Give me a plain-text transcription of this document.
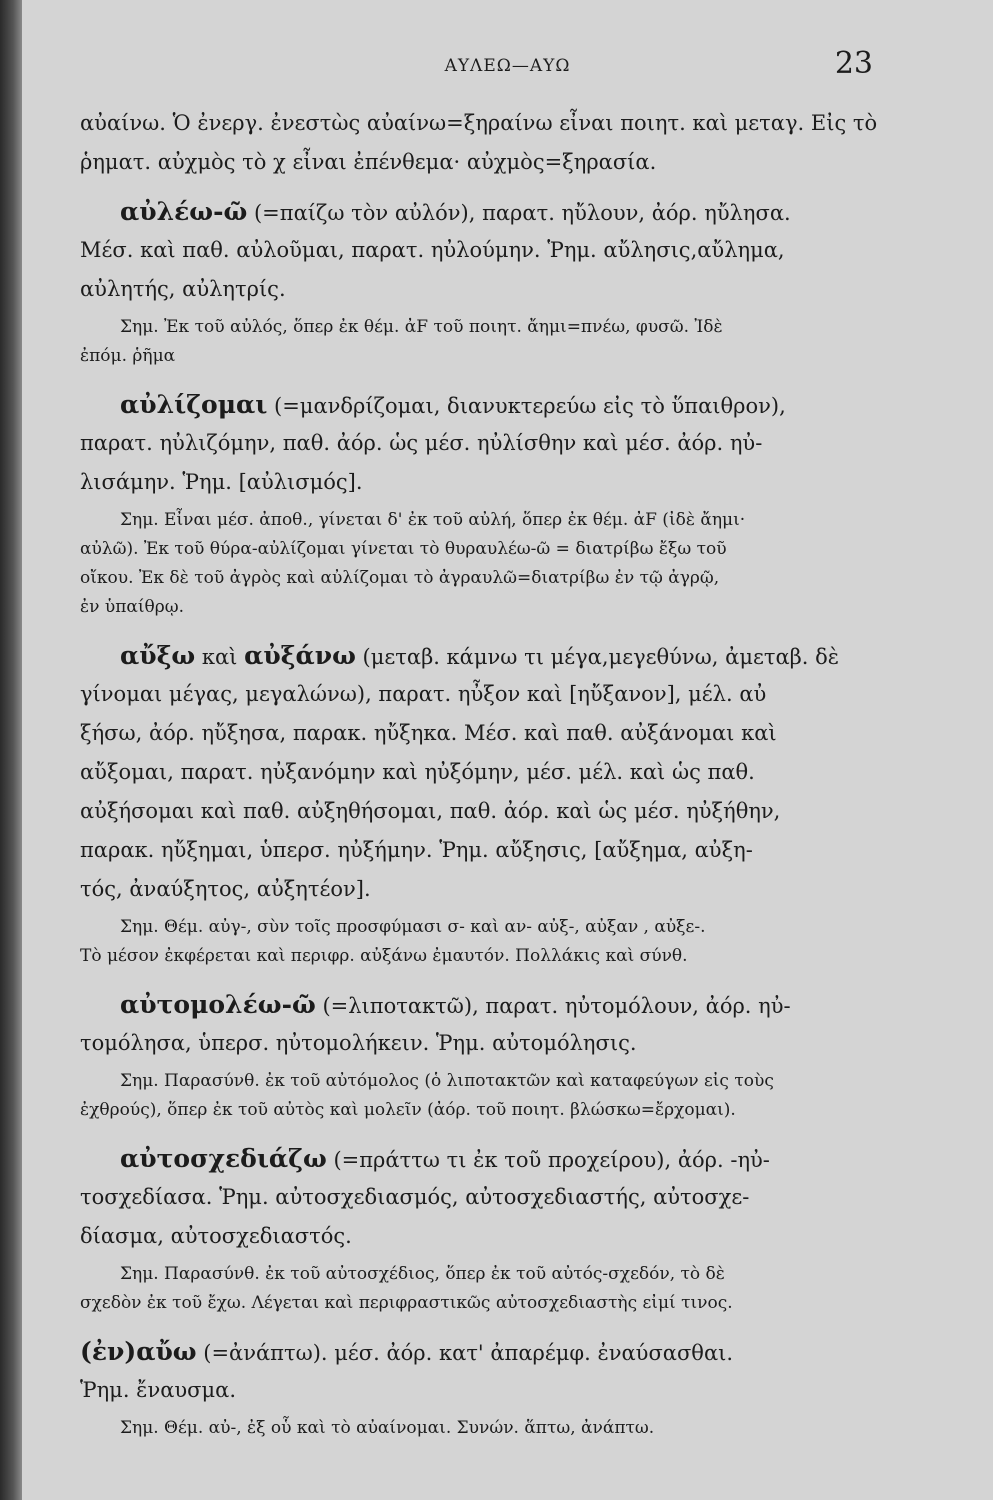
ΑΥΛΕΩ—ΑΥΩ	23
αὐαίνω. Ὁ ἐνεργ. ἐνεστὼς αὐαίνω=ξηραίνω εἶναι ποιητ. καὶ μεταγ. Εἰς τὸ
ῥηματ. αὐχμὸς τὸ χ εἶναι ἐπένθεμα· αὐχμὸς=ξηρασία.
αὐλέω-ῶ (=παίζω τὸν αὐλόν), παρατ. ηὔλουν, ἀόρ. ηὔλησα.
Μέσ. καὶ παθ. αὐλοῦμαι, παρατ. ηὐλούμην. Ῥημ. αὔλησις,αὔλημα,
αὐλητής, αὐλητρίς.
Σημ. Ἐκ τοῦ αὐλός, ὅπερ ἐκ θέμ. ἀF τοῦ ποιητ. ἄημι=πνέω, φυσῶ. Ἰδὲ
ἐπόμ. ῥῆμα
αὐλίζομαι (=μανδρίζομαι, διανυκτερεύω εἰς τὸ ὕπαιθρον),
παρατ. ηὐλιζόμην, παθ. ἀόρ. ὡς μέσ. ηὐλίσθην καὶ μέσ. ἀόρ. ηὐ-
λισάμην. Ῥημ. [αὐλισμός].
Σημ. Εἶναι μέσ. ἀποθ., γίνεται δ' ἐκ τοῦ αὐλή, ὅπερ ἐκ θέμ. ἀF (ἰδὲ ἄημι·
αὐλῶ). Ἐκ τοῦ θύρα-αὐλίζομαι γίνεται τὸ θυραυλέω-ῶ = διατρίβω ἔξω τοῦ
οἴκου. Ἐκ δὲ τοῦ ἀγρὸς καὶ αὐλίζομαι τὸ ἀγραυλῶ=διατρίβω ἐν τῷ ἀγρῷ,
ἐν ὑπαίθρῳ.
αὔξω καὶ αὐξάνω (μεταβ. κάμνω τι μέγα,μεγεθύνω, ἀμεταβ. δὲ
γίνομαι μέγας, μεγαλώνω), παρατ. ηὖξον καὶ [ηὔξανον], μέλ. αὐ
ξήσω, ἀόρ. ηὔξησα, παρακ. ηὔξηκα. Μέσ. καὶ παθ. αὐξάνομαι καὶ
αὔξομαι, παρατ. ηὐξανόμην καὶ ηὐξόμην, μέσ. μέλ. καὶ ὡς παθ.
αὐξήσομαι καὶ παθ. αὐξηθήσομαι, παθ. ἀόρ. καὶ ὡς μέσ. ηὐξήθην,
παρακ. ηὔξημαι, ὑπερσ. ηὐξήμην. Ῥημ. αὔξησις, [αὔξημα, αὐξη-
τός, ἀναύξητος, αὐξητέον].
Σημ. Θέμ. αὐγ-, σὺν τοῖς προσφύμασι σ- καὶ αν- αὐξ-, αὐξαν , αὐξε-.
Τὸ μέσον ἐκφέρεται καὶ περιφρ. αὐξάνω ἐμαυτόν. Πολλάκις καὶ σύνθ.
αὐτομολέω-ῶ (=λιποτακτῶ), παρατ. ηὐτομόλουν, ἀόρ. ηὐ-
τομόλησα, ὑπερσ. ηὐτομολήκειν. Ῥημ. αὐτομόλησις.
Σημ. Παρασύνθ. ἐκ τοῦ αὐτόμολος (ὁ λιποτακτῶν καὶ καταφεύγων εἰς τοὺς
ἐχθρούς), ὅπερ ἐκ τοῦ αὐτὸς καὶ μολεῖν (ἀόρ. τοῦ ποιητ. βλώσκω=ἔρχομαι).
αὐτοσχεδιάζω (=πράττω τι ἐκ τοῦ προχείρου), ἀόρ. -ηὐ-
τοσχεδίασα. Ῥημ. αὐτοσχεδιασμός, αὐτοσχεδιαστής, αὐτοσχε-
δίασμα, αὐτοσχεδιαστός.
Σημ. Παρασύνθ. ἐκ τοῦ αὐτοσχέδιος, ὅπερ ἐκ τοῦ αὐτός-σχεδόν, τὸ δὲ
σχεδὸν ἐκ τοῦ ἔχω. Λέγεται καὶ περιφραστικῶς αὐτοσχεδιαστὴς εἰμί τινος.
(ἐν)αὔω (=ἀνάπτω). μέσ. ἀόρ. κατ' ἀπαρέμφ. ἐναύσασθαι.
Ῥημ. ἔναυσμα.
Σημ. Θέμ. αὐ-, ἐξ οὗ καὶ τὸ αὐαίνομαι. Συνών. ἅπτω, ἀνάπτω.
